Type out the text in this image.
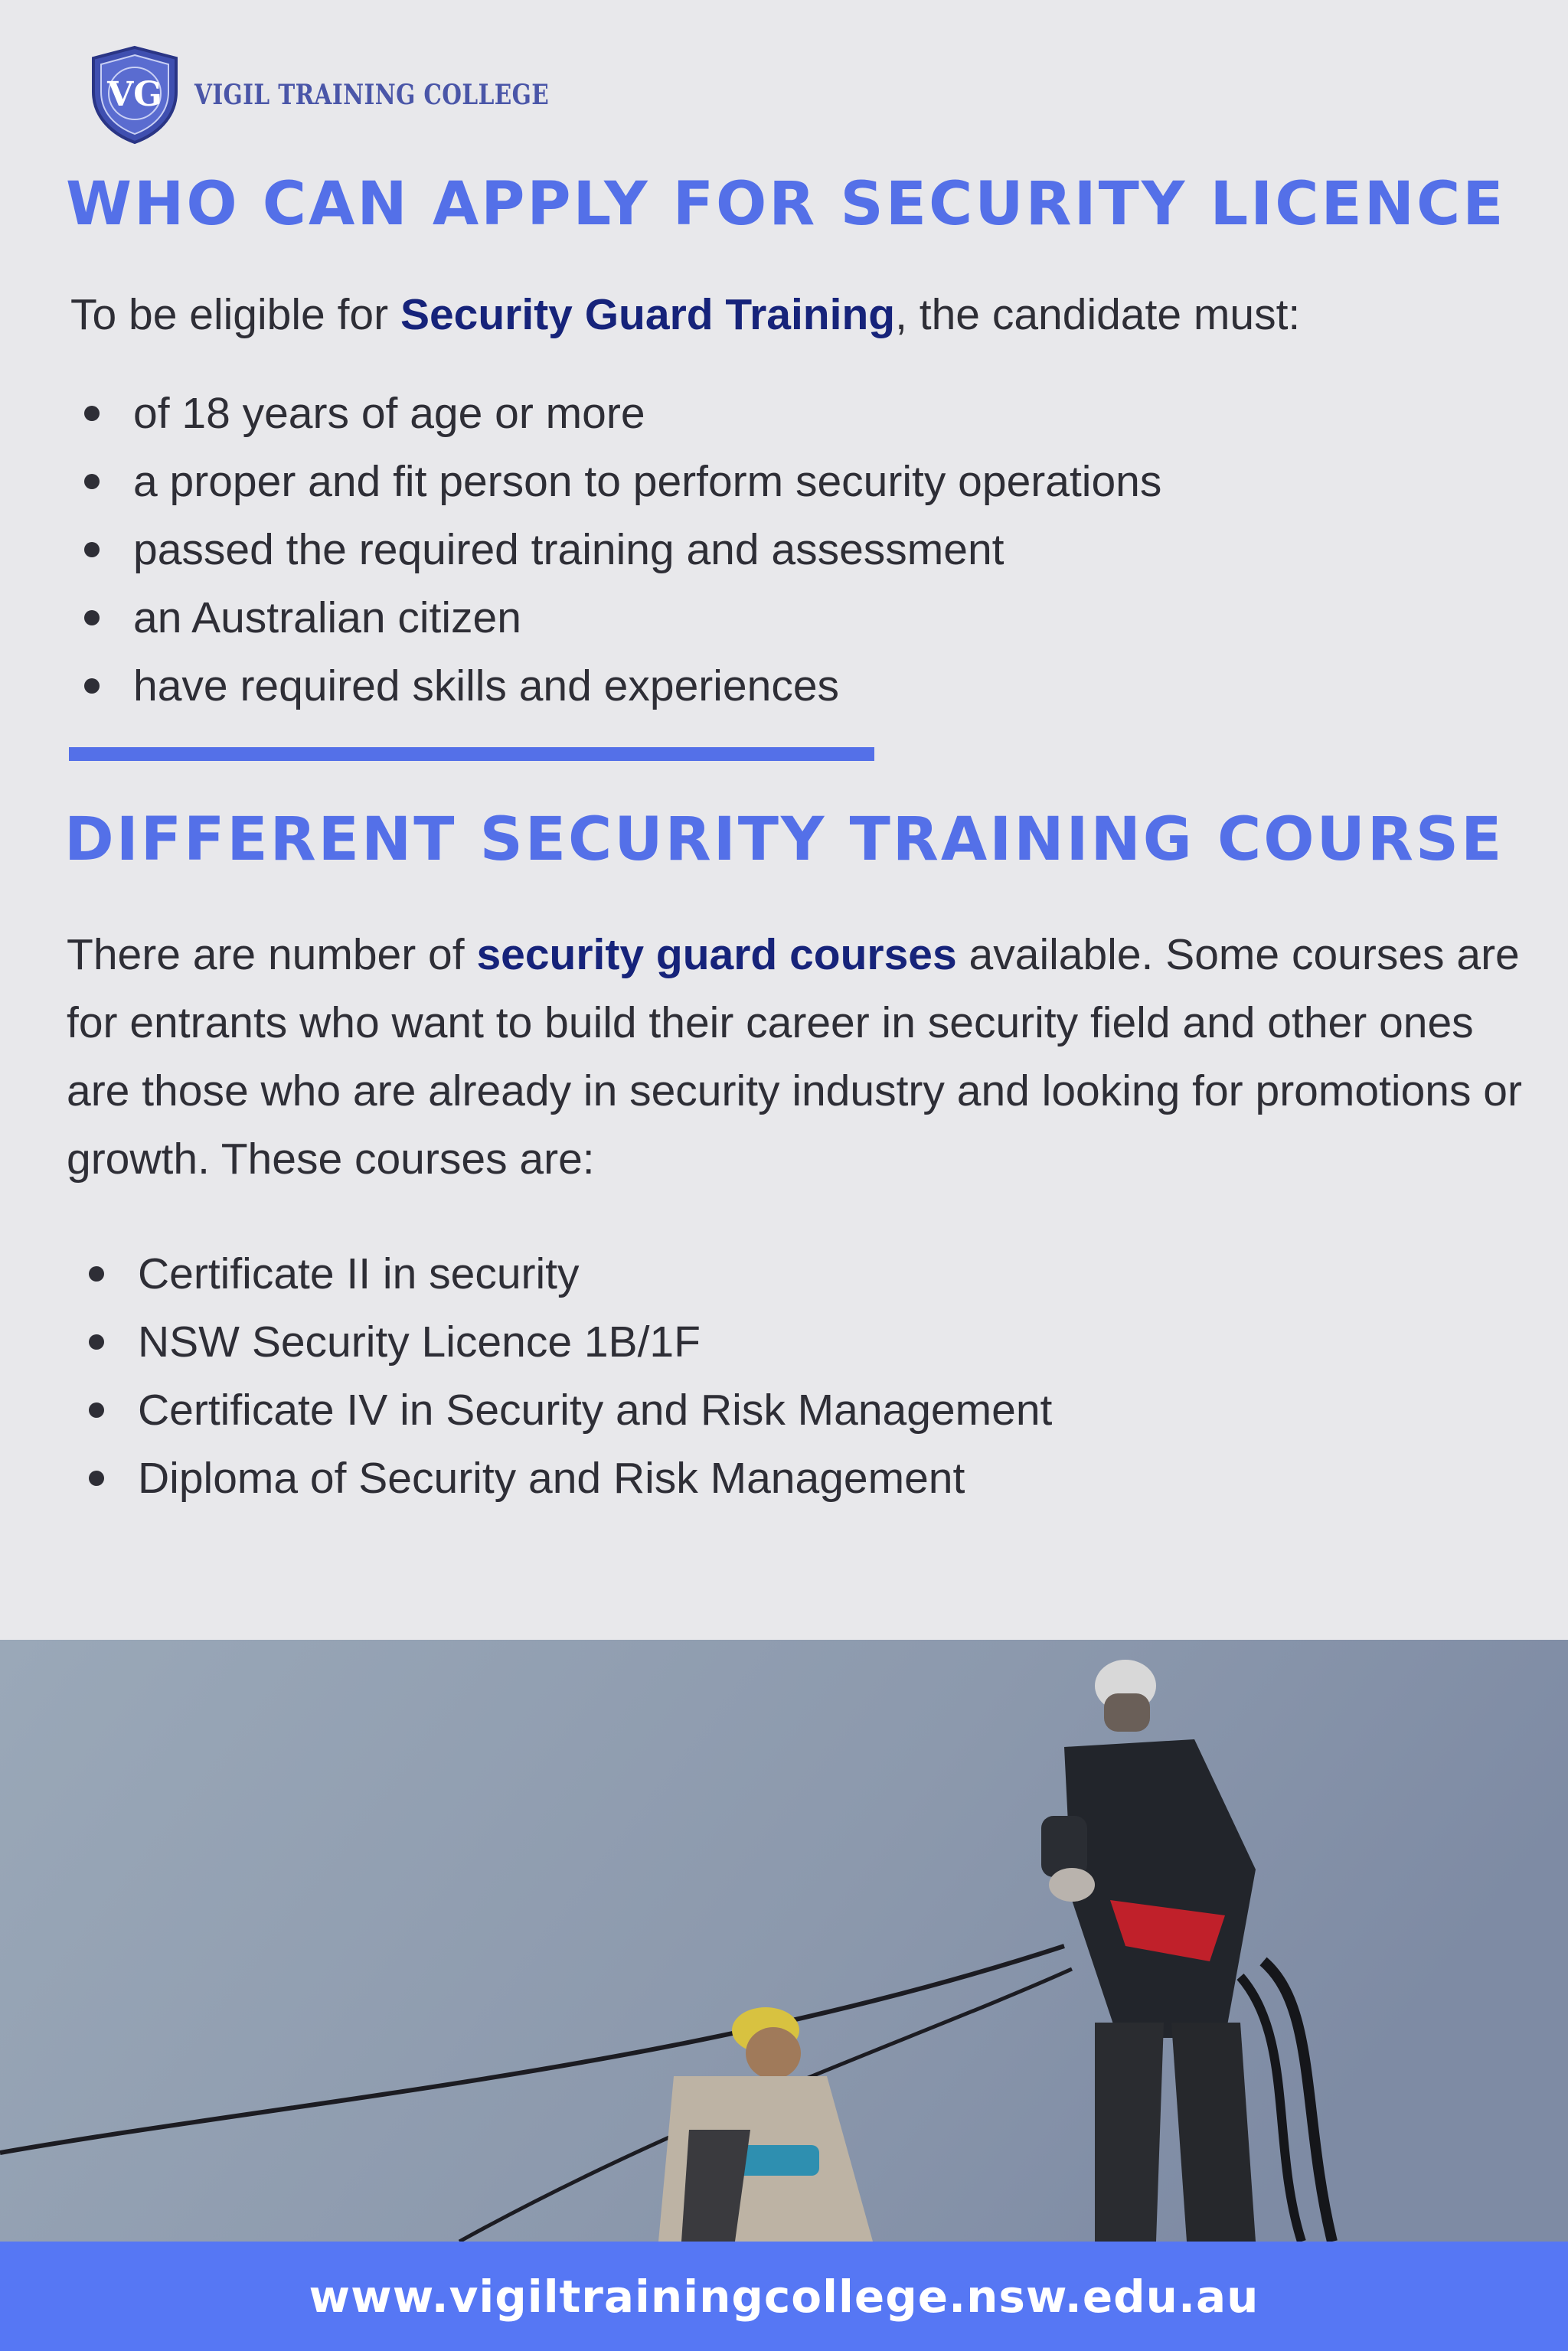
VG VIGIL TRAINING COLLEGE
WHO CAN APPLY FOR SECURITY LICENCE

To be eligible for Security Guard Training, the candidate must:

of 18 years of age or more
a proper and fit person to perform security operations
passed the required training and assessment
an Australian citizen
have required skills and experiences
DIFFERENT SECURITY TRAINING COURSE

There are number of security guard courses available. Some courses are for entrants who want to build their career in security field and other ones are those who are already in security industry and looking for promotions or growth. These courses are:

Certificate II in security
NSW Security Licence 1B/1F
Certificate IV in Security and Risk Management
Diploma of Security and Risk Management
www.vigiltrainingcollege.nsw.edu.au
